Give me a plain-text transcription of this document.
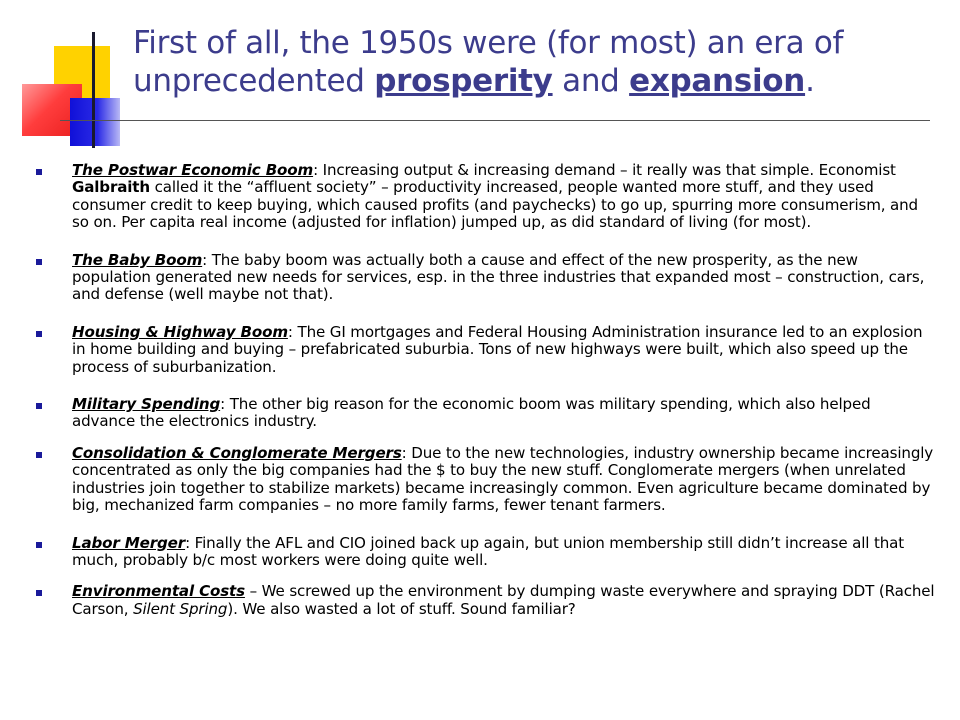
First of all, the 1950s were (for most) an era of unprecedented prosperity and expansion.
The Postwar Economic Boom: Increasing output & increasing demand – it really was that simple. Economist Galbraith called it the “affluent society” – productivity increased, people wanted more stuff, and they used consumer credit to keep buying, which caused profits (and paychecks) to go up, spurring more consumerism, and so on. Per capita real income (adjusted for inflation) jumped up, as did standard of living (for most).
The Baby Boom: The baby boom was actually both a cause and effect of the new prosperity, as the new population generated new needs for services, esp. in the three industries that expanded most – construction, cars, and defense (well maybe not that).
Housing & Highway Boom: The GI mortgages and Federal Housing Administration insurance led to an explosion in home building and buying – prefabricated suburbia. Tons of new highways were built, which also speed up the process of suburbanization.
Military Spending: The other big reason for the economic boom was military spending, which also helped advance the electronics industry.
Consolidation & Conglomerate Mergers: Due to the new technologies, industry ownership became increasingly concentrated as only the big companies had the $ to buy the new stuff. Conglomerate mergers (when unrelated industries join together to stabilize markets) became increasingly common. Even agriculture became dominated by big, mechanized farm companies – no more family farms, fewer tenant farmers.
Labor Merger: Finally the AFL and CIO joined back up again, but union membership still didn’t increase all that much, probably b/c most workers were doing quite well.
Environmental Costs – We screwed up the environment by dumping waste everywhere and spraying DDT (Rachel Carson, Silent Spring). We also wasted a lot of stuff. Sound familiar?
